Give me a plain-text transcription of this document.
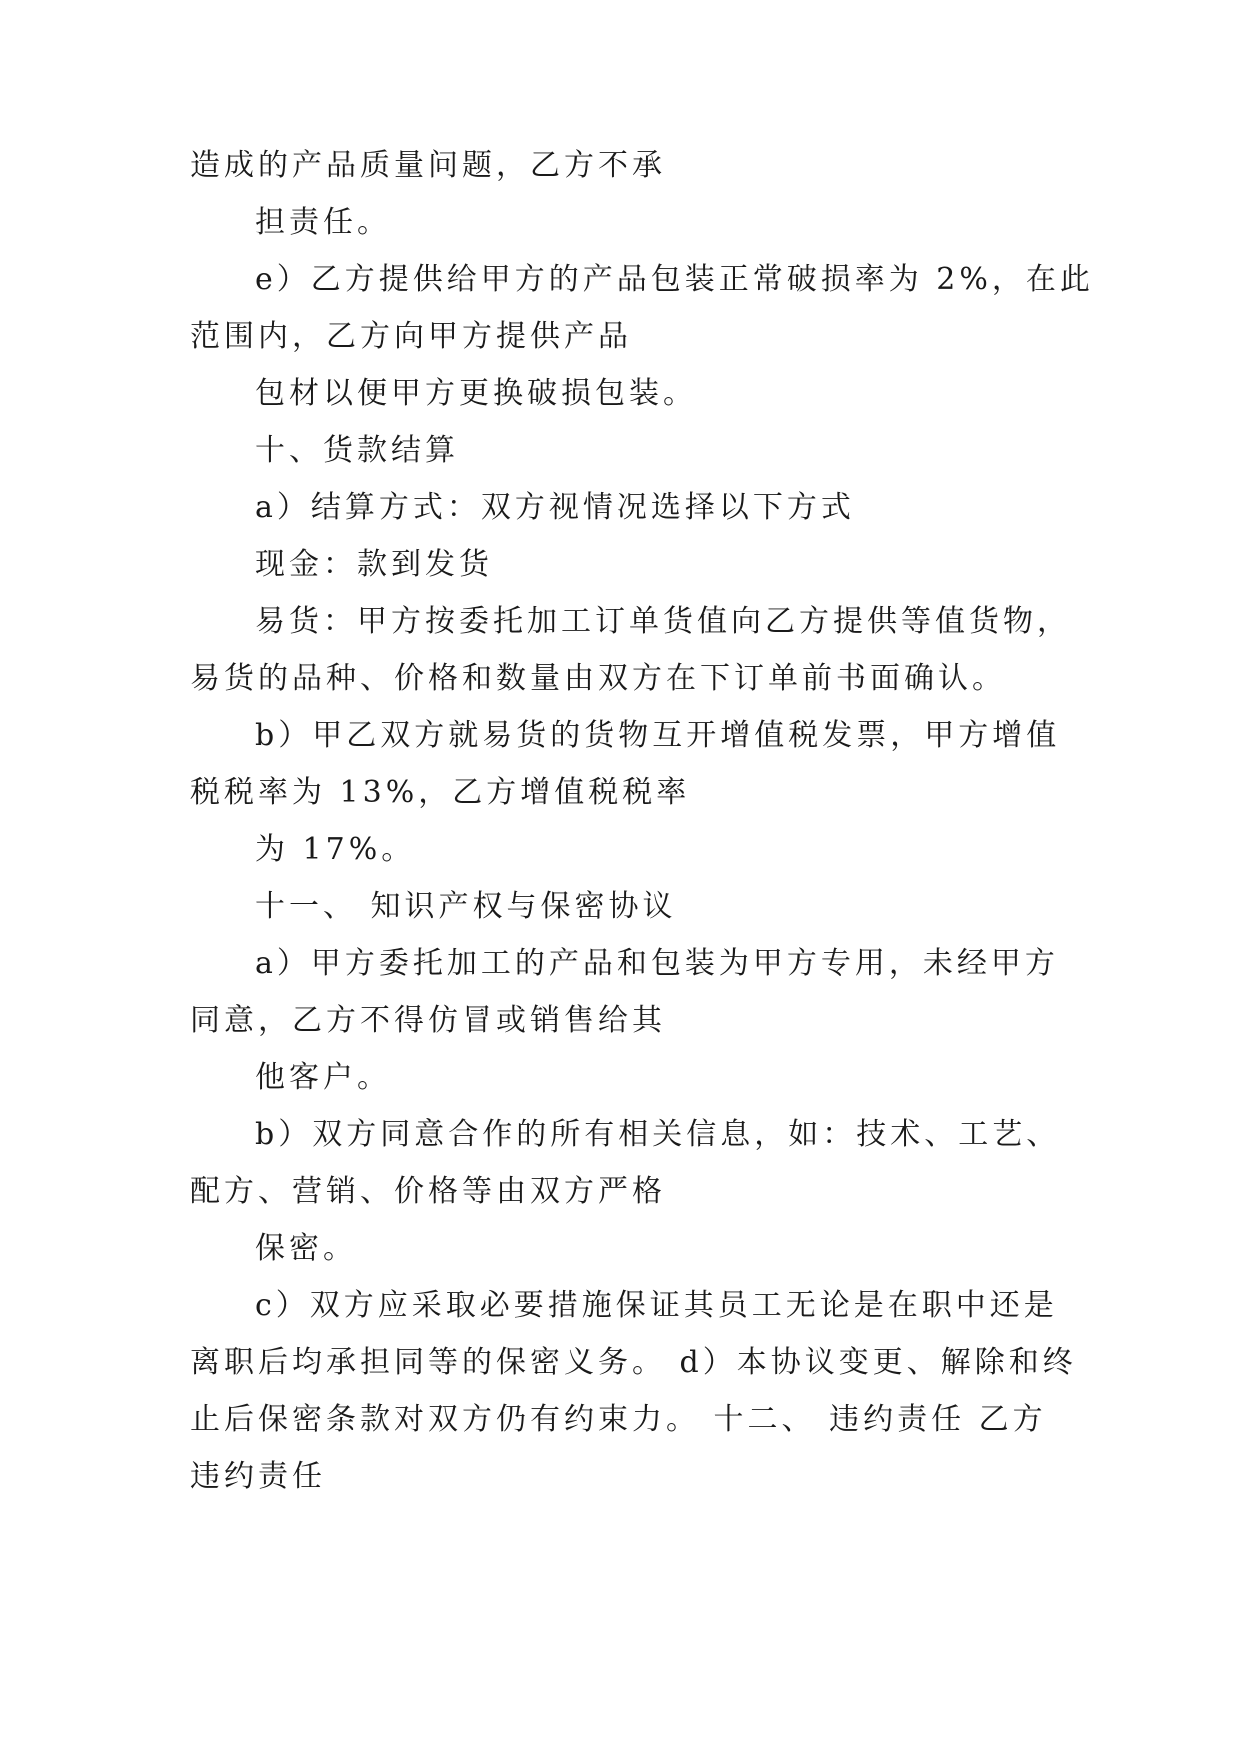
造成的产品质量问题，乙方不承
担责任。
e）乙方提供给甲方的产品包装正常破损率为 2%，在此
范围内，乙方向甲方提供产品
包材以便甲方更换破损包装。
十、货款结算
a）结算方式：双方视情况选择以下方式
现金：款到发货
易货：甲方按委托加工订单货值向乙方提供等值货物，
易货的品种、价格和数量由双方在下订单前书面确认。
b）甲乙双方就易货的货物互开增值税发票，甲方增值
税税率为 13%，乙方增值税税率
为 17%。
十一、 知识产权与保密协议
a）甲方委托加工的产品和包装为甲方专用，未经甲方
同意，乙方不得仿冒或销售给其
他客户。
b）双方同意合作的所有相关信息，如：技术、工艺、
配方、营销、价格等由双方严格
保密。
c）双方应采取必要措施保证其员工无论是在职中还是
离职后均承担同等的保密义务。 d）本协议变更、解除和终
止后保密条款对双方仍有约束力。 十二、 违约责任 乙方
违约责任
